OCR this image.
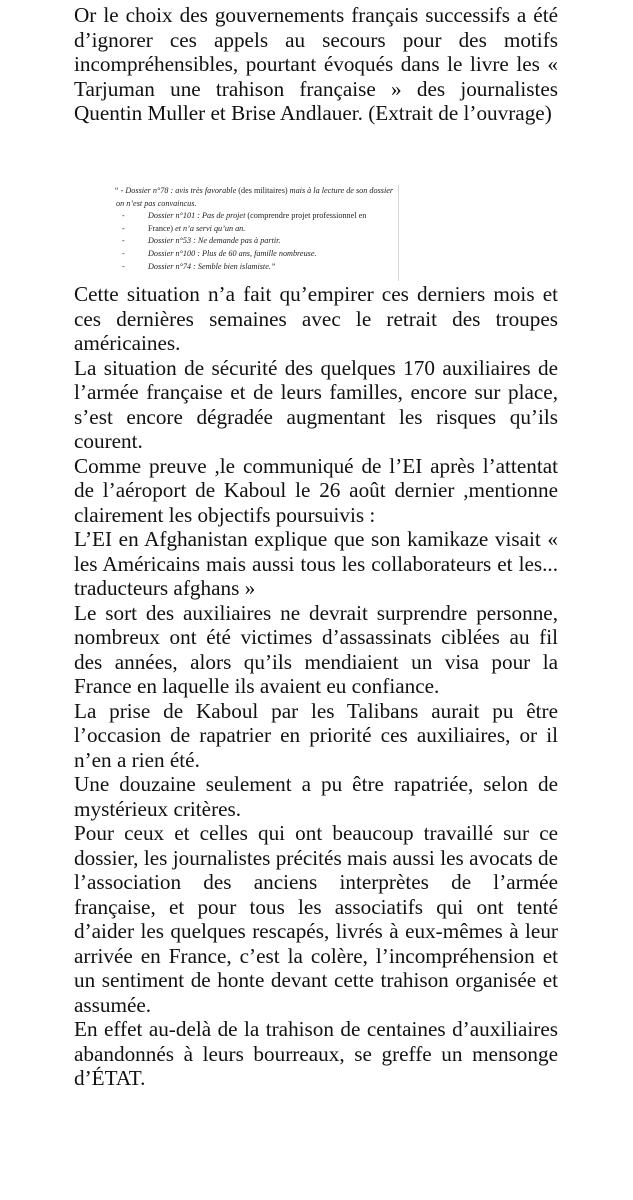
Or le choix des gouvernements français successifs a été d’ignorer ces appels au secours pour des motifs incompréhensibles, pourtant évoqués dans le livre les « Tarjuman une trahison française » des journalistes Quentin Muller et Brise Andlauer. (Extrait de l’ouvrage)

“ - Dossier n°78 : avis très favorable (des militaires) mais à la lecture de son dossier on n’est pas convaincus.

- Dossier n°101 : Pas de projet (comprendre projet professionnel en
- France) et n’a servi qu’un an.
- Dossier n°53 : Ne demande pas à partir.
- Dossier n°100 : Plus de 60 ans, famille nombreuse.
- Dossier n°74 : Semble bien islamiste.”

Cette situation n’a fait qu’empirer ces derniers mois et ces dernières semaines avec le retrait des troupes américaines.

La situation de sécurité des quelques 170 auxiliaires de l’armée française et de leurs familles, encore sur place, s’est encore dégradée augmentant les risques qu’ils courent.

Comme preuve ,le communiqué de l’EI après l’attentat de l’aéroport de Kaboul le 26 août dernier ,mentionne clairement les objectifs poursuivis :

L’EI en Afghanistan explique que son kamikaze visait « les Américains mais aussi tous les collaborateurs et les... traducteurs afghans »

Le sort des auxiliaires ne devrait surprendre personne, nombreux ont été victimes d’assassinats ciblées au fil des années, alors qu’ils mendiaient un visa pour la France en laquelle ils avaient eu confiance.

La prise de Kaboul par les Talibans aurait pu être l’occasion de rapatrier en priorité ces auxiliaires, or il n’en a rien été.

Une douzaine seulement a pu être rapatriée, selon de mystérieux critères.

Pour ceux et celles qui ont beaucoup travaillé sur ce dossier, les journalistes précités mais aussi les avocats de l’association des anciens interprètes de l’armée française, et pour tous les associatifs qui ont tenté d’aider les quelques rescapés, livrés à eux-mêmes à leur arrivée en France, c’est la colère, l’incompréhension et un sentiment de honte devant cette trahison organisée et assumée.

En effet au-delà de la trahison de centaines d’auxiliaires abandonnés à leurs bourreaux, se greffe un mensonge d’ÉTAT.
